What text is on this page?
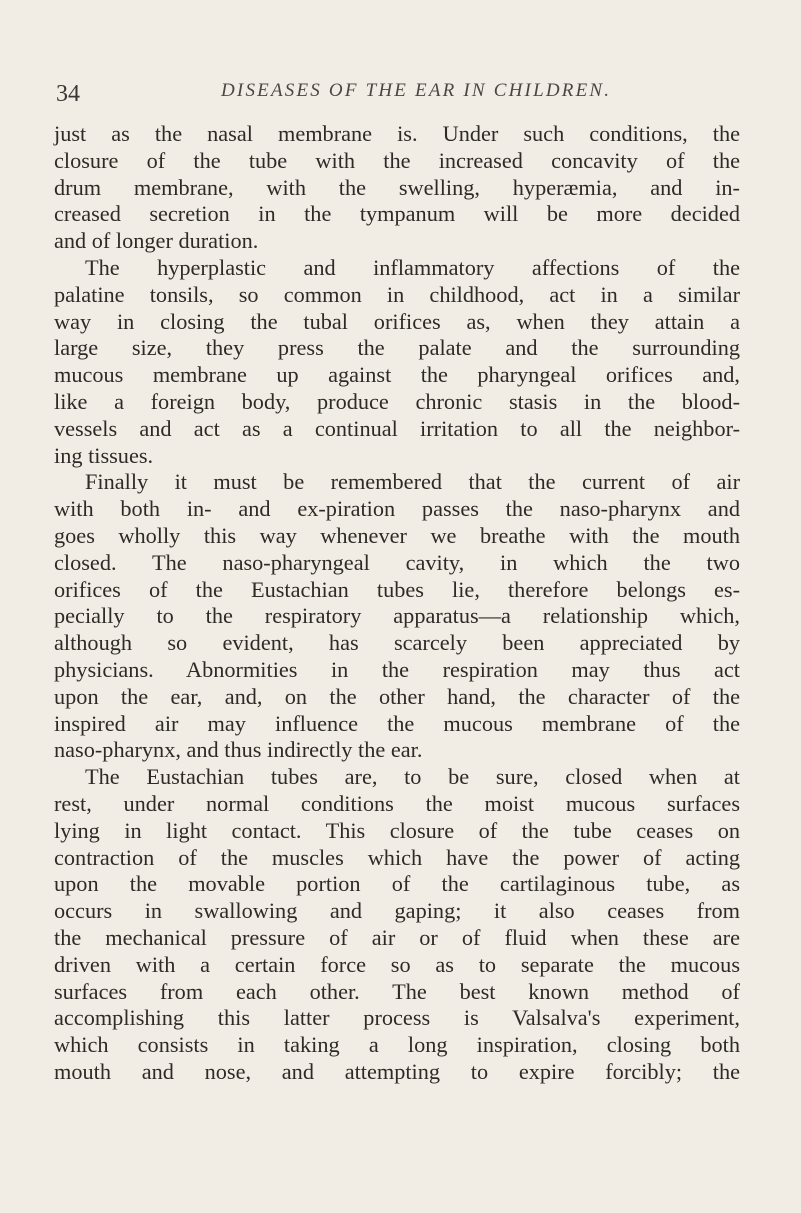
34	DISEASES OF THE EAR IN CHILDREN.
just as the nasal membrane is. Under such conditions, the
closure of the tube with the increased concavity of the
drum membrane, with the swelling, hyperæmia, and in-
creased secretion in the tympanum will be more decided
and of longer duration.
The hyperplastic and inflammatory affections of the
palatine tonsils, so common in childhood, act in a similar
way in closing the tubal orifices as, when they attain a
large size, they press the palate and the surrounding
mucous membrane up against the pharyngeal orifices and,
like a foreign body, produce chronic stasis in the blood-
vessels and act as a continual irritation to all the neighbor-
ing tissues.
Finally it must be remembered that the current of air
with both in- and ex-piration passes the naso-pharynx and
goes wholly this way whenever we breathe with the mouth
closed. The naso-pharyngeal cavity, in which the two
orifices of the Eustachian tubes lie, therefore belongs es-
pecially to the respiratory apparatus—a relationship which,
although so evident, has scarcely been appreciated by
physicians. Abnormities in the respiration may thus act
upon the ear, and, on the other hand, the character of the
inspired air may influence the mucous membrane of the
naso-pharynx, and thus indirectly the ear.
The Eustachian tubes are, to be sure, closed when at
rest, under normal conditions the moist mucous surfaces
lying in light contact. This closure of the tube ceases on
contraction of the muscles which have the power of acting
upon the movable portion of the cartilaginous tube, as
occurs in swallowing and gaping; it also ceases from
the mechanical pressure of air or of fluid when these are
driven with a certain force so as to separate the mucous
surfaces from each other. The best known method of
accomplishing this latter process is Valsalva's experiment,
which consists in taking a long inspiration, closing both
mouth and nose, and attempting to expire forcibly; the
